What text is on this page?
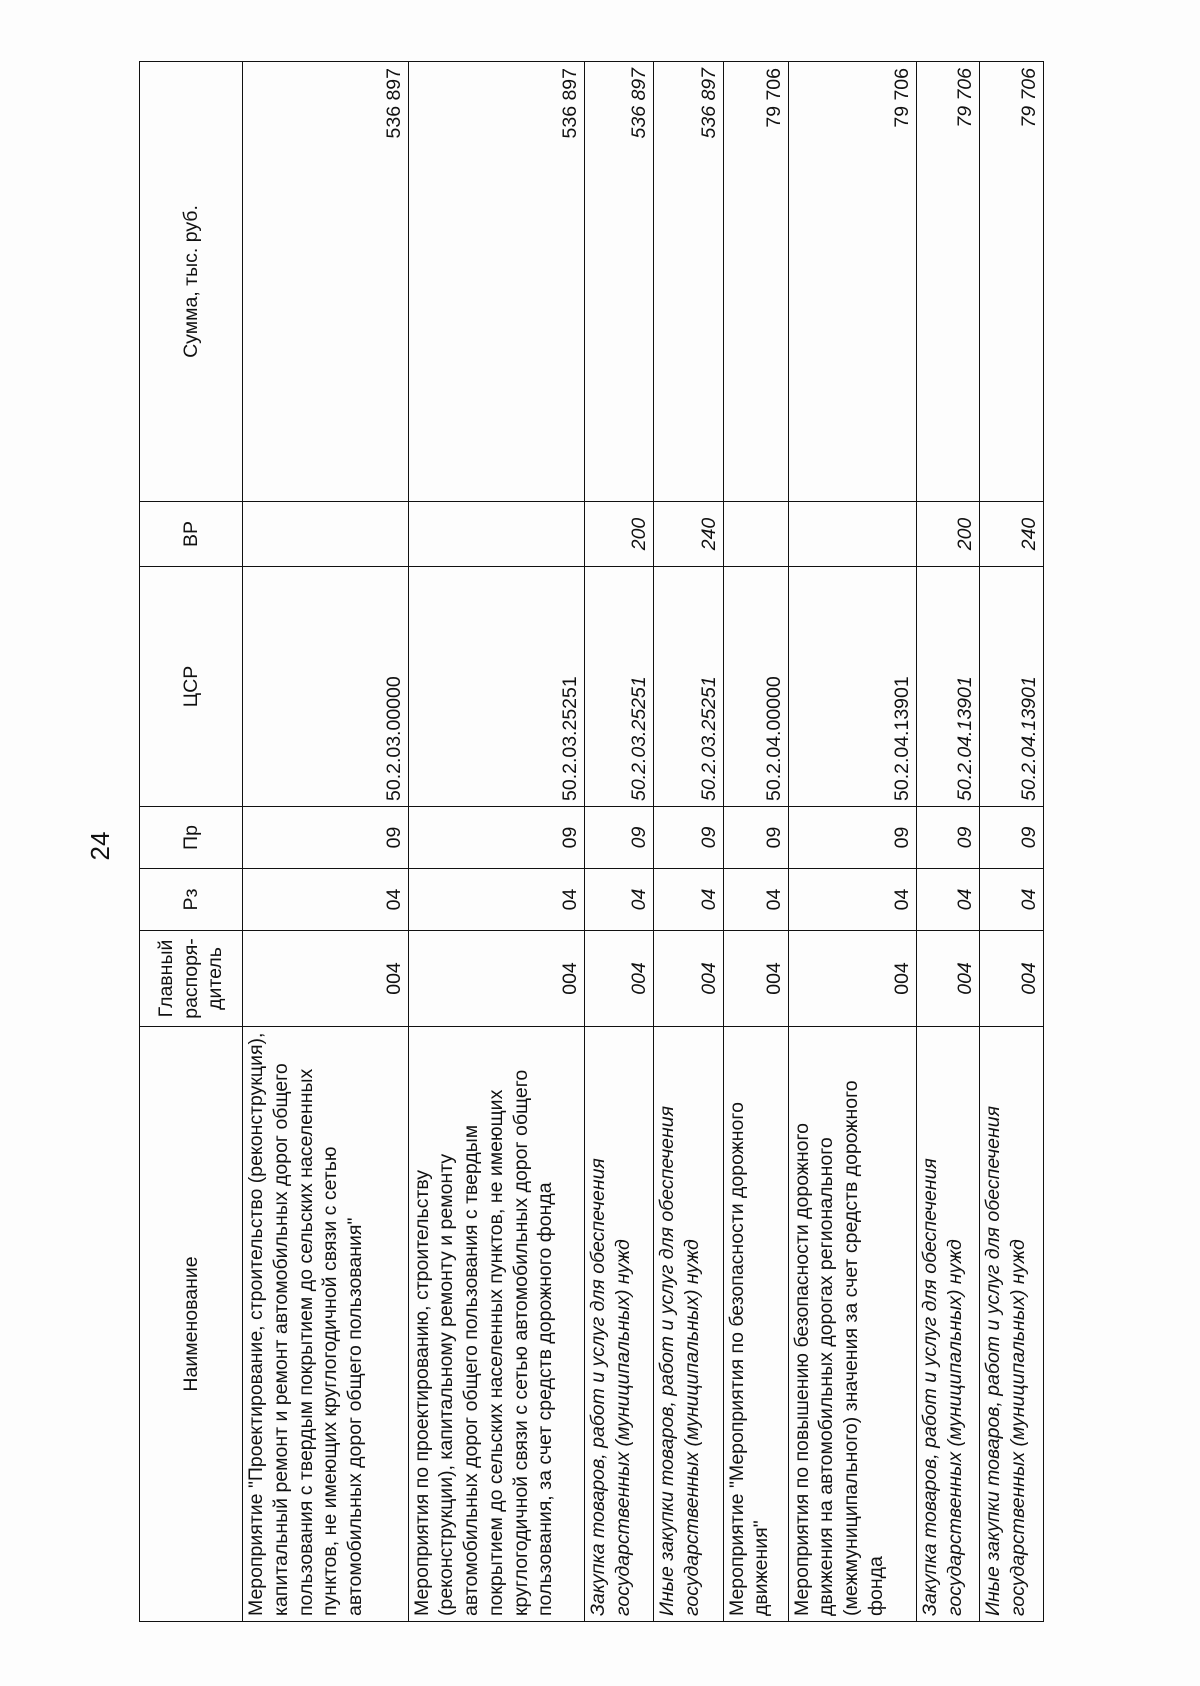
24
Наименование	Главный распоря-дитель	Рз	Пр	ЦСР	ВР	Сумма, тыс. руб.
Мероприятие "Проектирование, строительство (реконструкция), капитальный ремонт и ремонт автомобильных дорог общего пользования с твердым покрытием до сельских населенных пунктов, не имеющих круглогодичной связи с сетью автомобильных дорог общего пользования"	004	04	09	50.2.03.00000		536 897
Мероприятия по проектированию, строительству (реконструкции), капитальному ремонту и ремонту автомобильных дорог общего пользования с твердым покрытием до сельских населенных пунктов, не имеющих круглогодичной связи с сетью автомобильных дорог общего пользования, за счет средств дорожного фонда	004	04	09	50.2.03.25251		536 897
Закупка товаров, работ и услуг для обеспечения государственных (муниципальных) нужд	004	04	09	50.2.03.25251	200	536 897
Иные закупки товаров, работ и услуг для обеспечения государственных (муниципальных) нужд	004	04	09	50.2.03.25251	240	536 897
Мероприятие "Мероприятия по безопасности дорожного движения"	004	04	09	50.2.04.00000		79 706
Мероприятия по повышению безопасности дорожного движения на автомобильных дорогах регионального (межмуниципального) значения за счет средств дорожного фонда	004	04	09	50.2.04.13901		79 706
Закупка товаров, работ и услуг для обеспечения государственных (муниципальных) нужд	004	04	09	50.2.04.13901	200	79 706
Иные закупки товаров, работ и услуг для обеспечения государственных (муниципальных) нужд	004	04	09	50.2.04.13901	240	79 706
